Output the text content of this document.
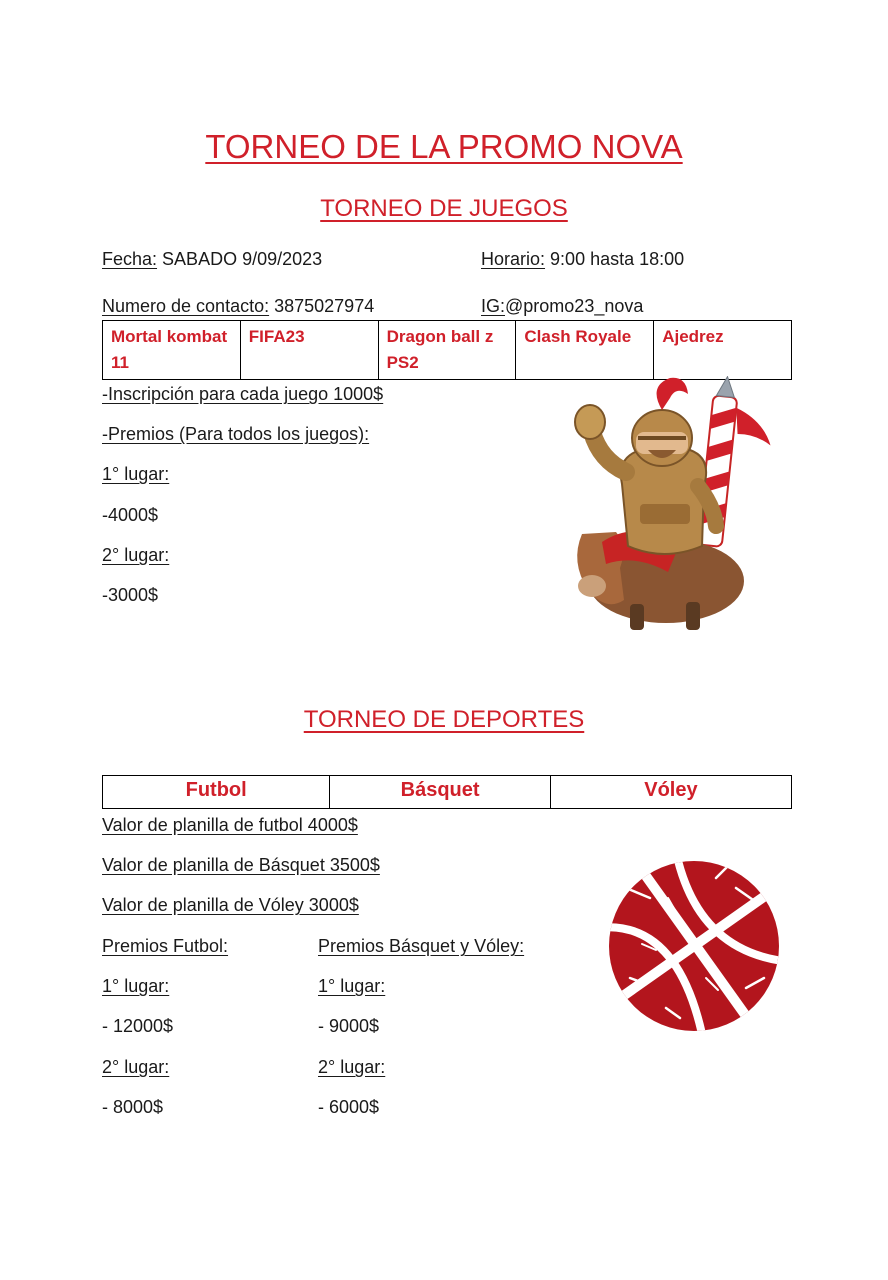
TORNEO DE LA PROMO NOVA
TORNEO DE JUEGOS
Fecha: SABADO 9/09/2023	Horario: 9:00 hasta 18:00
Numero de contacto: 3875027974	IG:@promo23_nova
Mortal kombat 11	FIFA23	Dragon ball z PS2	Clash Royale	Ajedrez
-Inscripción para cada juego 1000$
-Premios (Para todos los juegos):
1° lugar:
-4000$
2° lugar:
-3000$
TORNEO DE DEPORTES
Futbol	Básquet	Vóley
Valor de planilla de futbol 4000$
Valor de planilla de Básquet 3500$
Valor de planilla de Vóley 3000$
Premios Futbol:
1° lugar:
- 12000$
2° lugar:
- 8000$
Premios Básquet y Vóley:
1° lugar:
- 9000$
2° lugar:
- 6000$
